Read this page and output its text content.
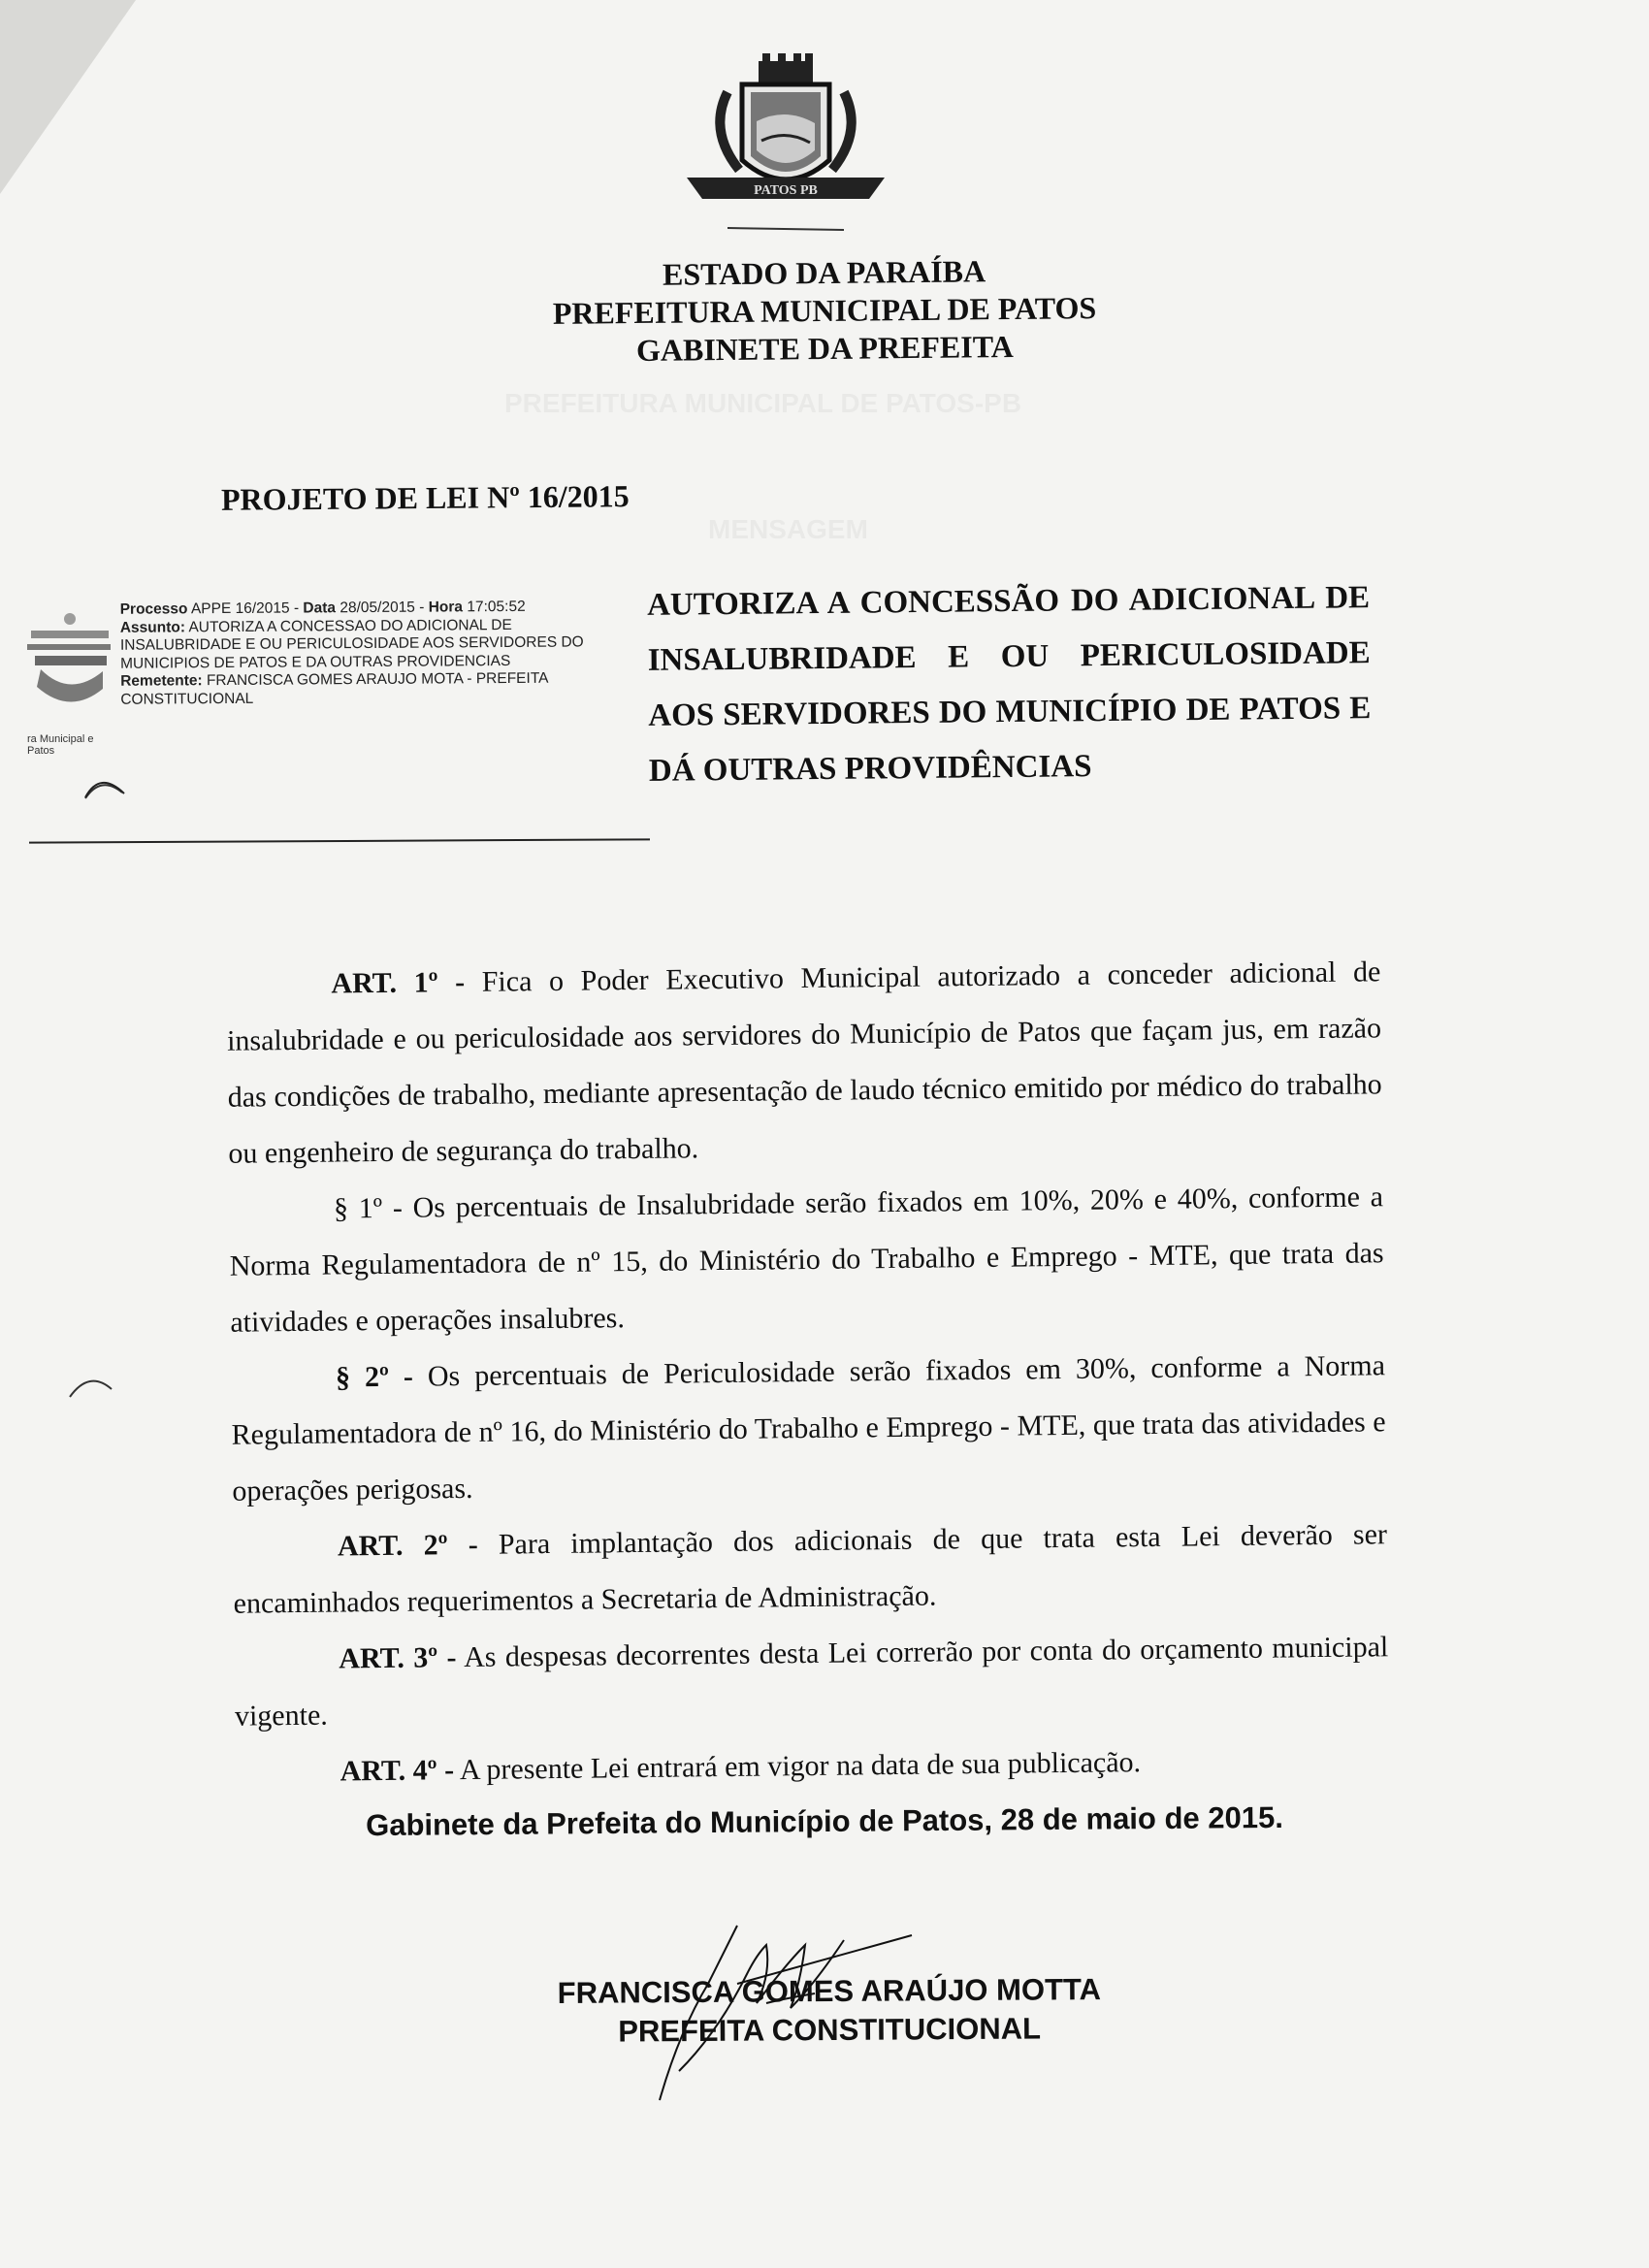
PATOS PB
ESTADO DA PARAÍBA
PREFEITURA MUNICIPAL DE PATOS
GABINETE DA PREFEITA
PROJETO DE LEI Nº 16/2015
ra Municipal e Patos
Processo APPE 16/2015 - Data 28/05/2015 - Hora 17:05:52
Assunto: AUTORIZA A CONCESSAO DO ADICIONAL DE INSALUBRIDADE E OU PERICULOSIDADE AOS SERVIDORES DO MUNICIPIOS DE PATOS E DA OUTRAS PROVIDENCIAS
Remetente: FRANCISCA GOMES ARAUJO MOTA - PREFEITA CONSTITUCIONAL
AUTORIZA A CONCESSÃO DO ADICIONAL DE INSALUBRIDADE E OU PERICULOSIDADE AOS SERVIDORES DO MUNICÍPIO DE PATOS E DÁ OUTRAS PROVIDÊNCIAS

ART. 1º - Fica o Poder Executivo Municipal autorizado a conceder adicional de insalubridade e ou periculosidade aos servidores do Município de Patos que façam jus, em razão das condições de trabalho, mediante apresentação de laudo técnico emitido por médico do trabalho ou engenheiro de segurança do trabalho.

§ 1º - Os percentuais de Insalubridade serão fixados em 10%, 20% e 40%, conforme a Norma Regulamentadora de nº 15, do Ministério do Trabalho e Emprego - MTE, que trata das atividades e operações insalubres.

§ 2º - Os percentuais de Periculosidade serão fixados em 30%, conforme a Norma Regulamentadora de nº 16, do Ministério do Trabalho e Emprego - MTE, que trata das atividades e operações perigosas.

ART. 2º - Para implantação dos adicionais de que trata esta Lei deverão ser encaminhados requerimentos a Secretaria de Administração.

ART. 3º - As despesas decorrentes desta Lei correrão por conta do orçamento municipal vigente.

ART. 4º - A presente Lei entrará em vigor na data de sua publicação.

Gabinete da Prefeita do Município de Patos, 28 de maio de 2015.
FRANCISCA GOMES ARAÚJO MOTTA
PREFEITA CONSTITUCIONAL
